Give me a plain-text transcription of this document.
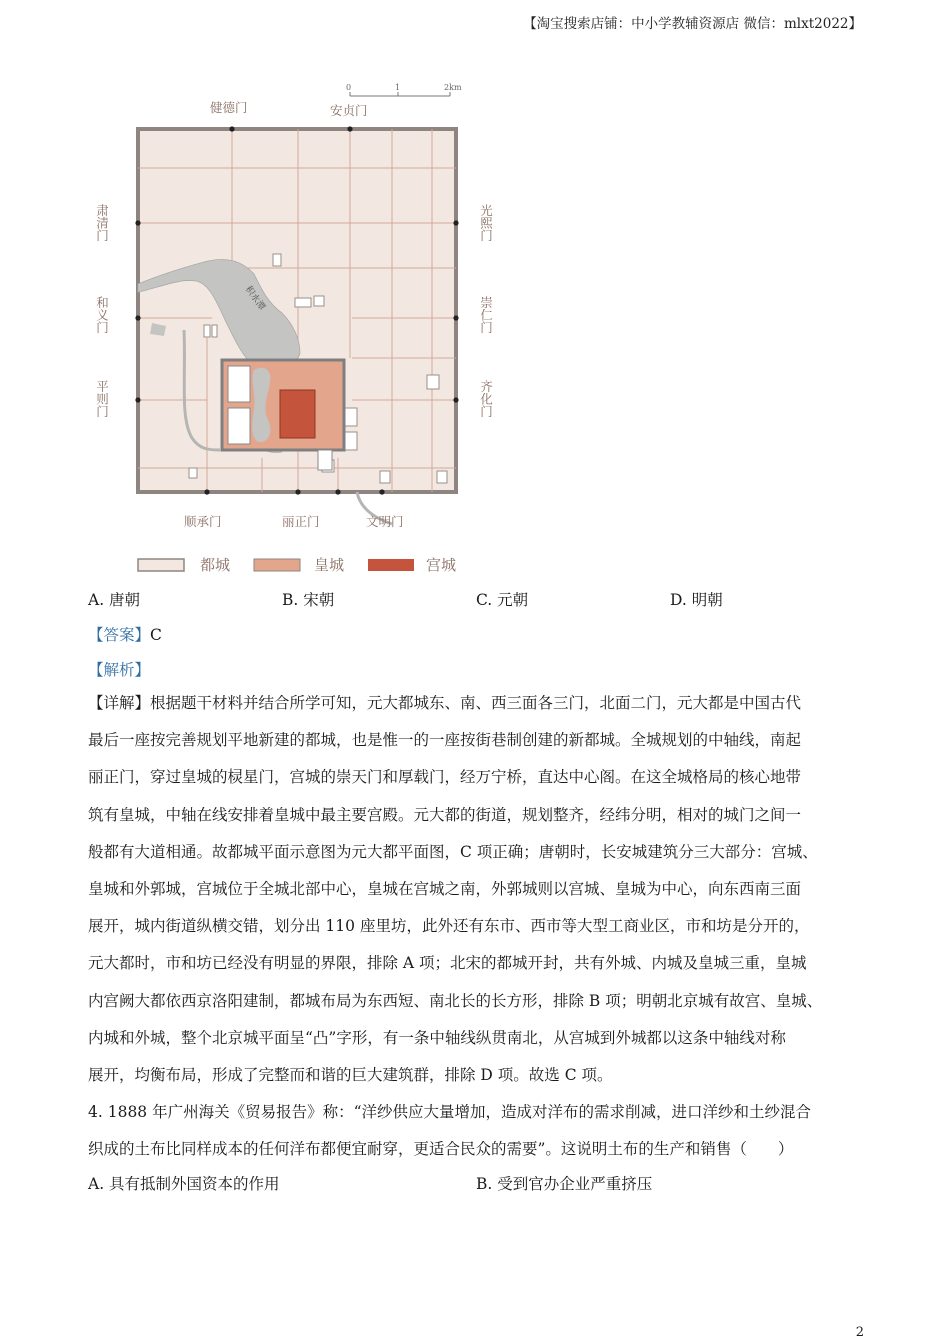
【淘宝搜索店铺：中小学教辅资源店 微信：mlxt2022】
0	1	2km
积水潭
健德门	安贞门
肃清门
和义门
平则门
光熙门
崇仁门
齐化门
顺承门	丽正门	文明门
都城	皇城	宫城
A. 唐朝	B. 宋朝	C. 元朝	D. 明朝
【答案】C
【解析】
【详解】根据题干材料并结合所学可知，元大都城东、南、西三面各三门，北面二门，元大都是中国古代
最后一座按完善规划平地新建的都城，也是惟一的一座按街巷制创建的新都城。全城规划的中轴线，南起
丽正门，穿过皇城的棂星门，宫城的崇天门和厚载门，经万宁桥，直达中心阁。在这全城格局的核心地带
筑有皇城，中轴在线安排着皇城中最主要宫殿。元大都的街道，规划整齐，经纬分明，相对的城门之间一
般都有大道相通。故都城平面示意图为元大都平面图，C 项正确；唐朝时，长安城建筑分三大部分：宫城、
皇城和外郭城，宫城位于全城北部中心，皇城在宫城之南，外郭城则以宫城、皇城为中心，向东西南三面
展开，城内街道纵横交错，划分出 110 座里坊，此外还有东市、西市等大型工商业区，市和坊是分开的，
元大都时，市和坊已经没有明显的界限，排除 A 项；北宋的都城开封，共有外城、内城及皇城三重，皇城
内宫阙大都依西京洛阳建制，都城布局为东西短、南北长的长方形，排除 B 项；明朝北京城有故宫、皇城、
内城和外城，整个北京城平面呈“凸”字形，有一条中轴线纵贯南北，从宫城到外城都以这条中轴线对称
展开，均衡布局，形成了完整而和谐的巨大建筑群，排除 D 项。故选 C 项。
4. 1888 年广州海关《贸易报告》称：“洋纱供应大量增加，造成对洋布的需求削减，进口洋纱和土纱混合
织成的土布比同样成本的任何洋布都便宜耐穿，更适合民众的需要”。这说明土布的生产和销售（　　）
A. 具有抵制外国资本的作用	B. 受到官办企业严重挤压
2
